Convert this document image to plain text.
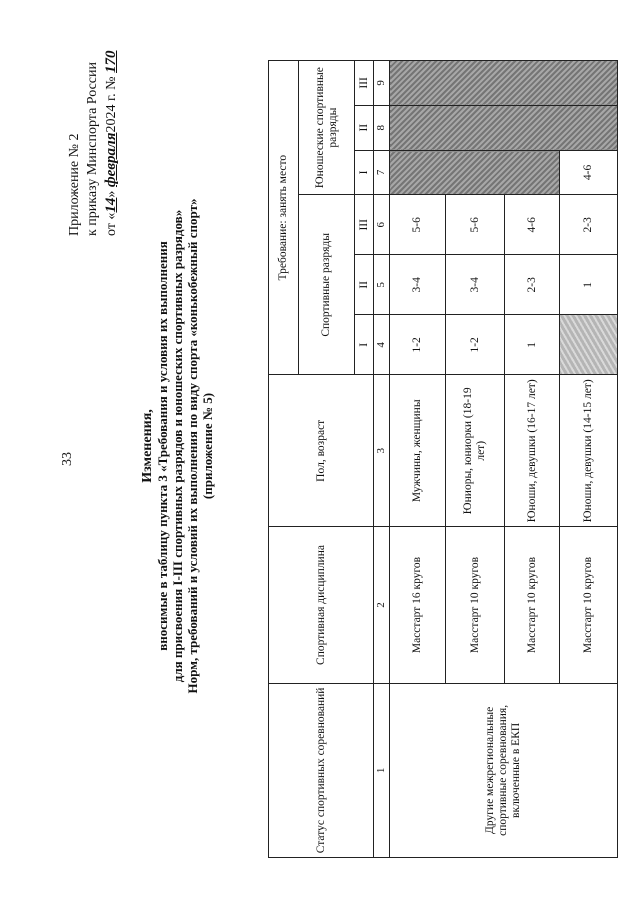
33
Приложение № 2 к приказу Минспорта России от «14» февраля2024 г. № 170
Изменения, вносимые в таблицу пункта 3 «Требования и условия их выполнения для присвоения I-III спортивных разрядов и юношеских спортивных разрядов» Норм, требований и условий их выполнения по виду спорта «конькобежный спорт» (приложение № 5)
Статус спортивных соревнований	Спортивная дисциплина	Пол, возраст	Требование: занять место					
			Спортивные разряды			Юношеские спортивные разряды		
			I	II	III	I	II	III
1	2	3	4	5	6	7	8	9
Другие межрегиональные спортивные соревнования, включенные в ЕКП	Масстарт 16 кругов	Мужчины, женщины	1-2	3-4	5-6			
	Масстарт 10 кругов	Юниоры, юниорки (18-19 лет)	1-2	3-4	5-6			
	Масстарт 10 кругов	Юноши, девушки (16-17 лет)	1	2-3	4-6			
	Масстарт 10 кругов	Юноши, девушки (14-15 лет)		1	2-3	4-6		
